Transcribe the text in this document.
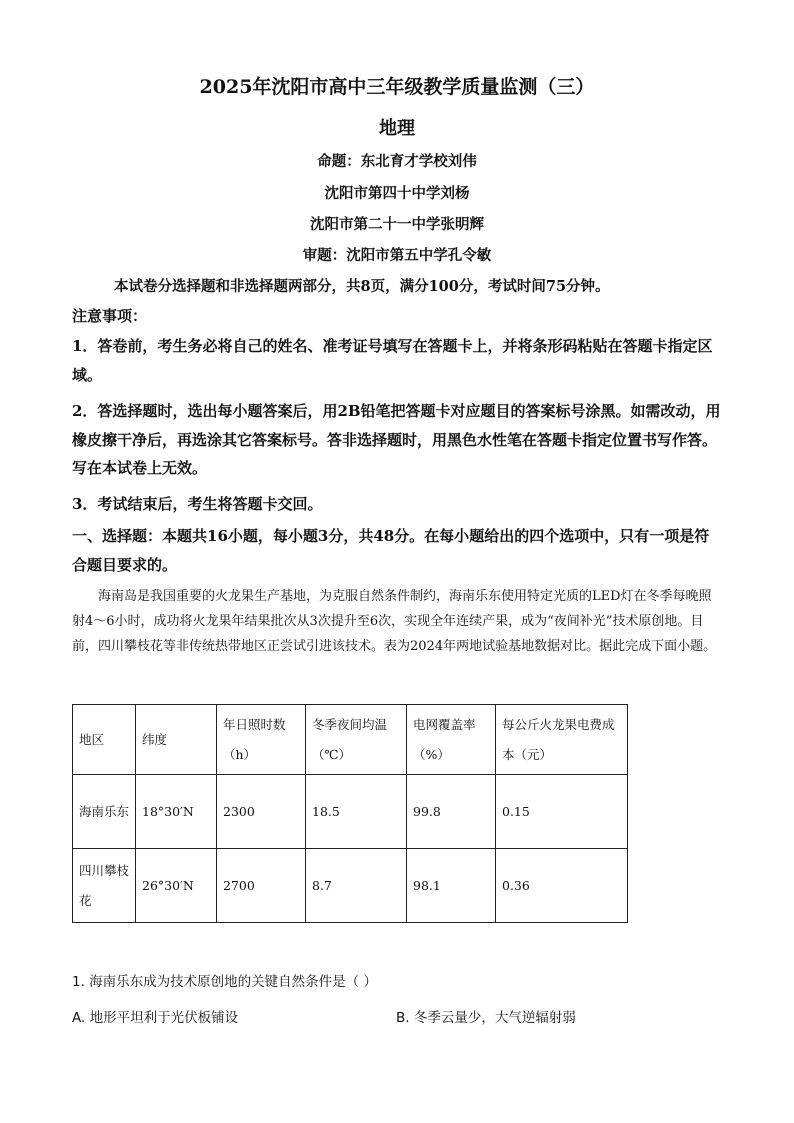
2025年沈阳市高中三年级教学质量监测（三）
地理
命题：东北育才学校刘伟
沈阳市第四十中学刘杨
沈阳市第二十一中学张明辉
审题：沈阳市第五中学孔令敏
本试卷分选择题和非选择题两部分，共8页，满分100分，考试时间75分钟。
注意事项：
1．答卷前，考生务必将自己的姓名、准考证号填写在答题卡上，并将条形码粘贴在答题卡指定区域。
2．答选择题时，选出每小题答案后，用2B铅笔把答题卡对应题目的答案标号涂黑。如需改动，用橡皮擦干净后，再选涂其它答案标号。答非选择题时，用黑色水性笔在答题卡指定位置书写作答。写在本试卷上无效。
3．考试结束后，考生将答题卡交回。
一、选择题：本题共16小题，每小题3分，共48分。在每小题给出的四个选项中，只有一项是符合题目要求的。
海南岛是我国重要的火龙果生产基地，为克服自然条件制约，海南乐东使用特定光质的LED灯在冬季每晚照射4～6小时，成功将火龙果年结果批次从3次提升至6次，实现全年连续产果，成为“夜间补光”技术原创地。目前，四川攀枝花等非传统热带地区正尝试引进该技术。表为2024年两地试验基地数据对比。据此完成下面小题。
地区	纬度	年日照时数（h）	冬季夜间均温（℃）	电网覆盖率（%）	每公斤火龙果电费成本（元）
海南乐东	18°30′N	2300	18.5	99.8	0.15
四川攀枝花	26°30′N	2700	8.7	98.1	0.36
1. 海南乐东成为技术原创地的关键自然条件是（ ）
A. 地形平坦利于光伏板铺设	B. 冬季云量少，大气逆辐射弱
